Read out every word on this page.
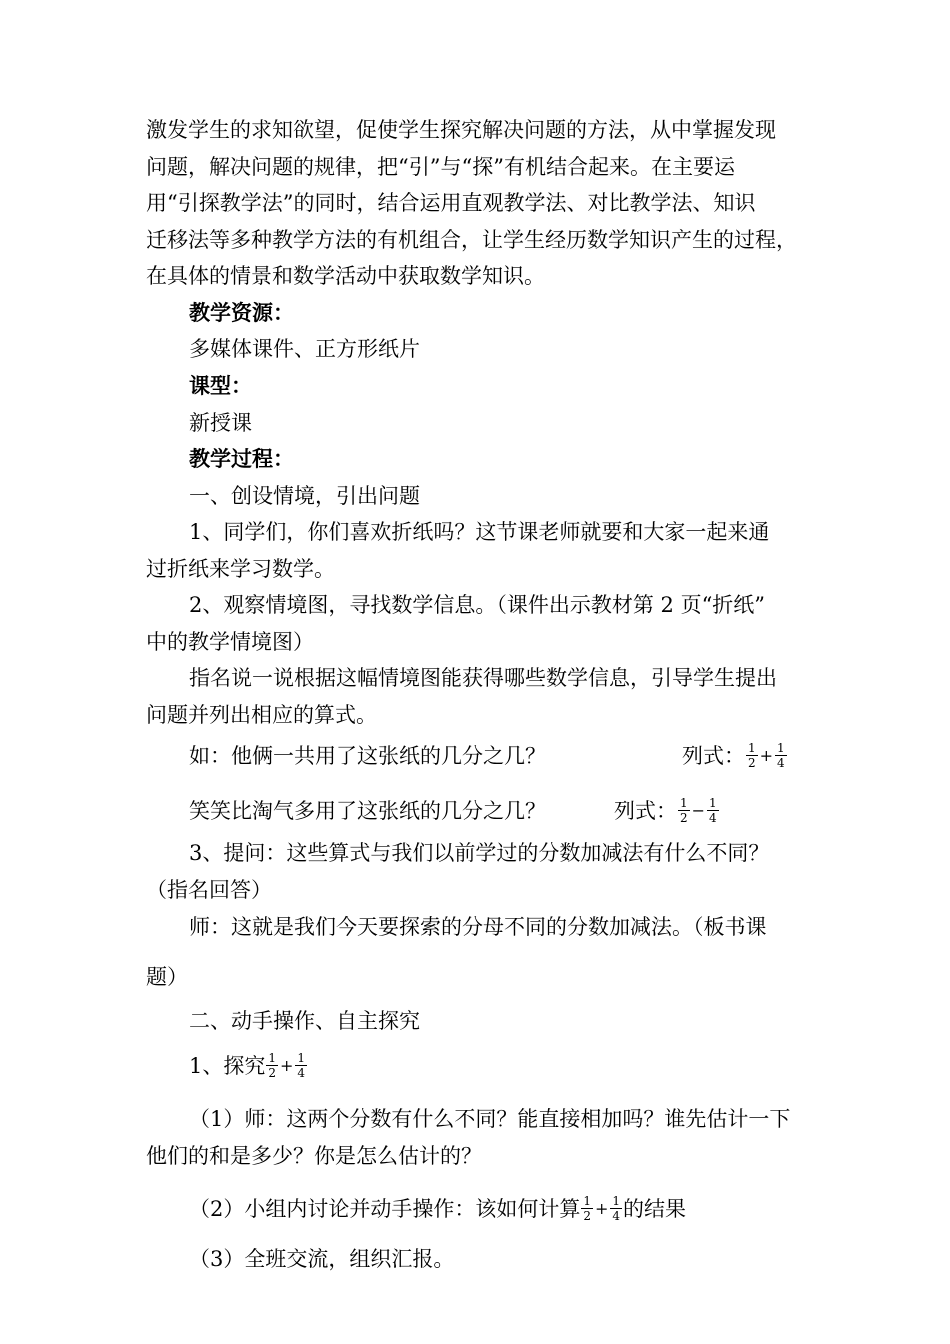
激发学生的求知欲望，促使学生探究解决问题的方法，从中掌握发现
问题，解决问题的规律，把“引”与“探”有机结合起来。在主要运
用“引探教学法”的同时，结合运用直观教学法、对比教学法、知识
迁移法等多种教学方法的有机组合，让学生经历数学知识产生的过程，
在具体的情景和数学活动中获取数学知识。
教学资源：
多媒体课件、正方形纸片
课型：
新授课
教学过程：
一、创设情境，引出问题
1、同学们，你们喜欢折纸吗？这节课老师就要和大家一起来通
过折纸来学习数学。
2、观察情境图，寻找数学信息。（课件出示教材第 2 页“折纸”
中的教学情境图）
指名说一说根据这幅情境图能获得哪些数学信息，引导学生提出
问题并列出相应的算式。
如：他俩一共用了这张纸的几分之几？	列式： $\frac{1}{2} + \frac{1}{4}$
笑笑比淘气多用了这张纸的几分之几？	列式： $\frac{1}{2} - \frac{1}{4}$
3、提问：这些算式与我们以前学过的分数加减法有什么不同？
（指名回答）
师：这就是我们今天要探索的分母不同的分数加减法。（板书课
题）
二、动手操作、自主探究
1、探究 $\frac{1}{2} + \frac{1}{4}$
（1）师：这两个分数有什么不同？能直接相加吗？谁先估计一下
他们的和是多少？你是怎么估计的？
（2）小组内讨论并动手操作：该如何计算 $\frac{1}{2} + \frac{1}{4}$ 的结果
（3）全班交流，组织汇报。
